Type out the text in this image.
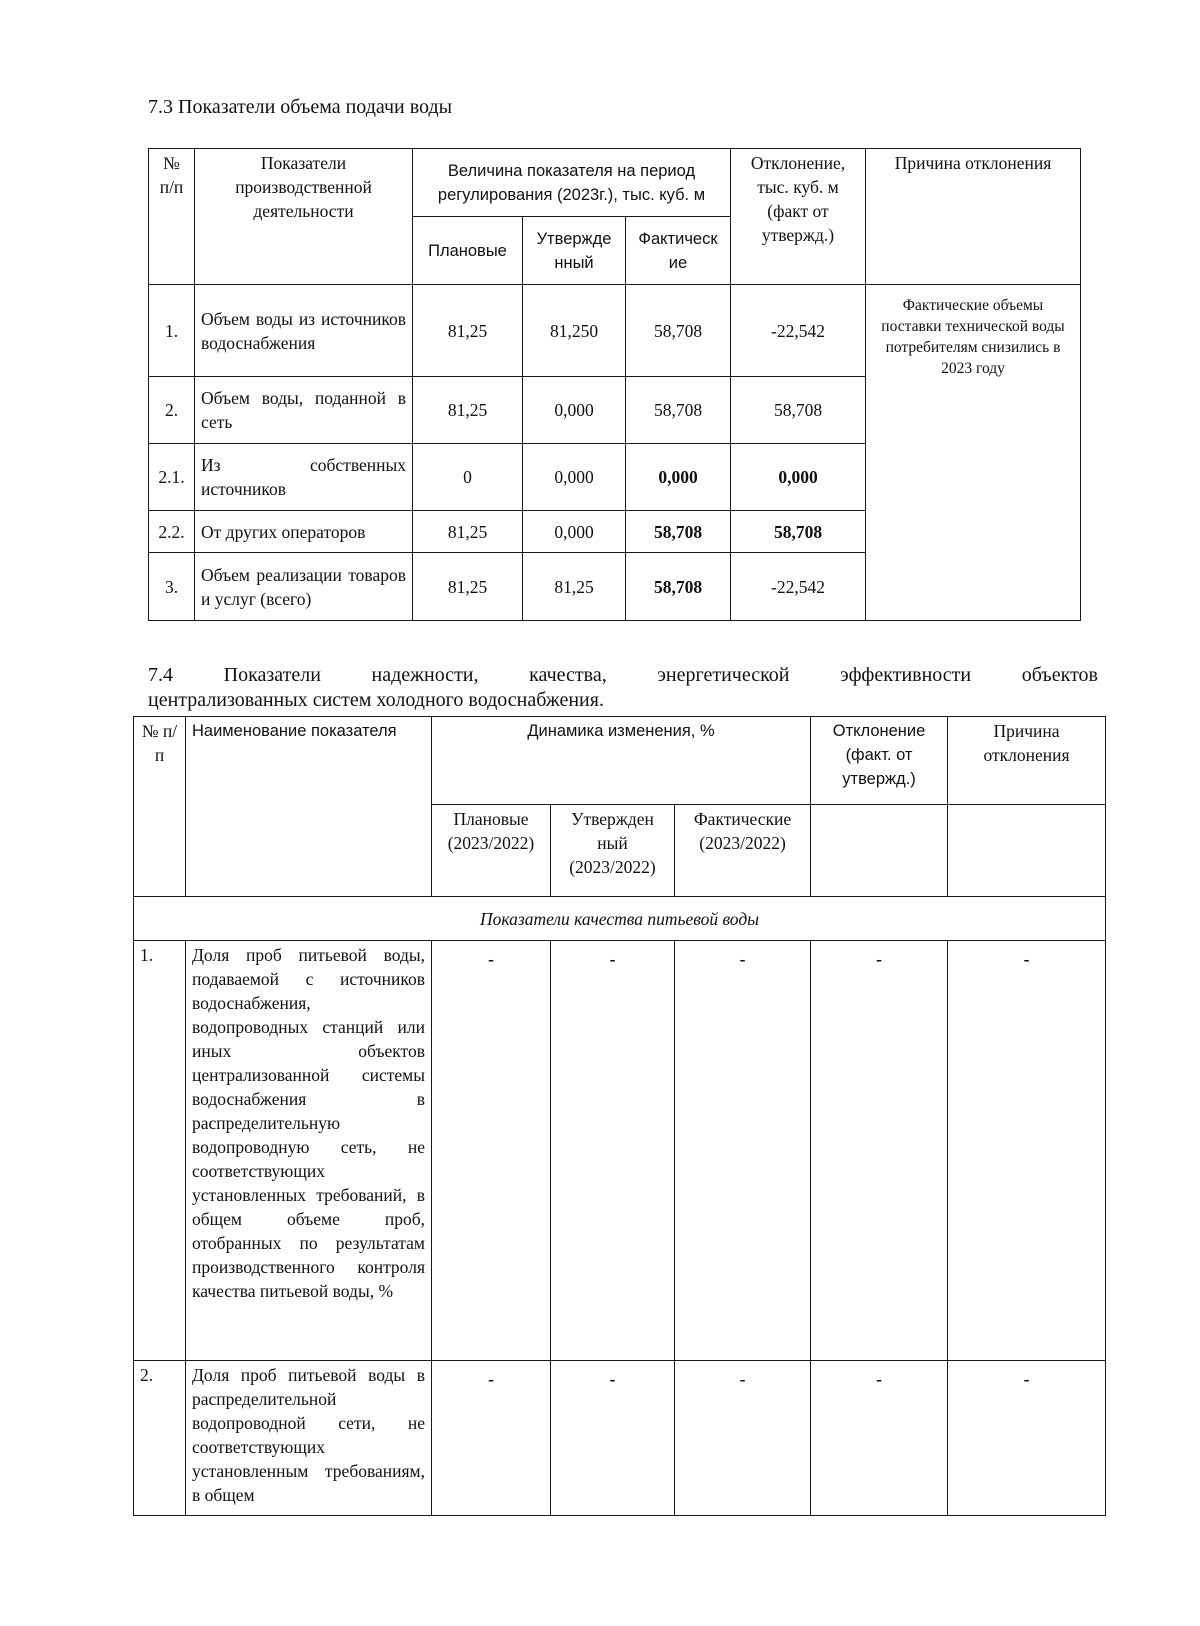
7.3 Показатели объема подачи воды
№ п/п	Показатели производственной деятельности	Величина показателя на период регулирования (2023г.), тыс. куб. м			Отклонение, тыс. куб. м (факт от утвержд.)	Причина отклонения
		Плановые	Утвержде нный	Фактическ ие		
1.	Объем воды из источников водоснабжения	81,25	81,250	58,708	-22,542	Фактические объемы поставки технической воды потребителям снизились в 2023 году
2.	Объем воды, поданной в сеть	81,25	0,000	58,708	58,708	
2.1.	Из собственных источников	0	0,000	0,000	0,000	
2.2.	От других операторов	81,25	0,000	58,708	58,708	
3.	Объем реализации товаров и услуг (всего)	81,25	81,25	58,708	-22,542	
7.4 Показатели надежности, качества, энергетической эффективности объектов
централизованных систем холодного водоснабжения.
№ п/п	Наименование показателя	Динамика изменения, %			Отклонение (факт. от утвержд.)	Причина отклонения
		Плановые (2023/2022)	Утвержден ный (2023/2022)	Фактические (2023/2022)		
Показатели качества питьевой воды						
1.	Доля проб питьевой воды, подаваемой с источников водоснабжения, водопроводных станций или иных объектов централизованной системы водоснабжения в распределительную водопроводную сеть, не соответствующих установленных требований, в общем объеме проб, отобранных по результатам производственного контроля качества питьевой воды, %	-	-	-	-	-
2.	Доля проб питьевой воды в распределительной водопроводной сети, не соответствующих установленным требованиям, в общем	-	-	-	-	-
